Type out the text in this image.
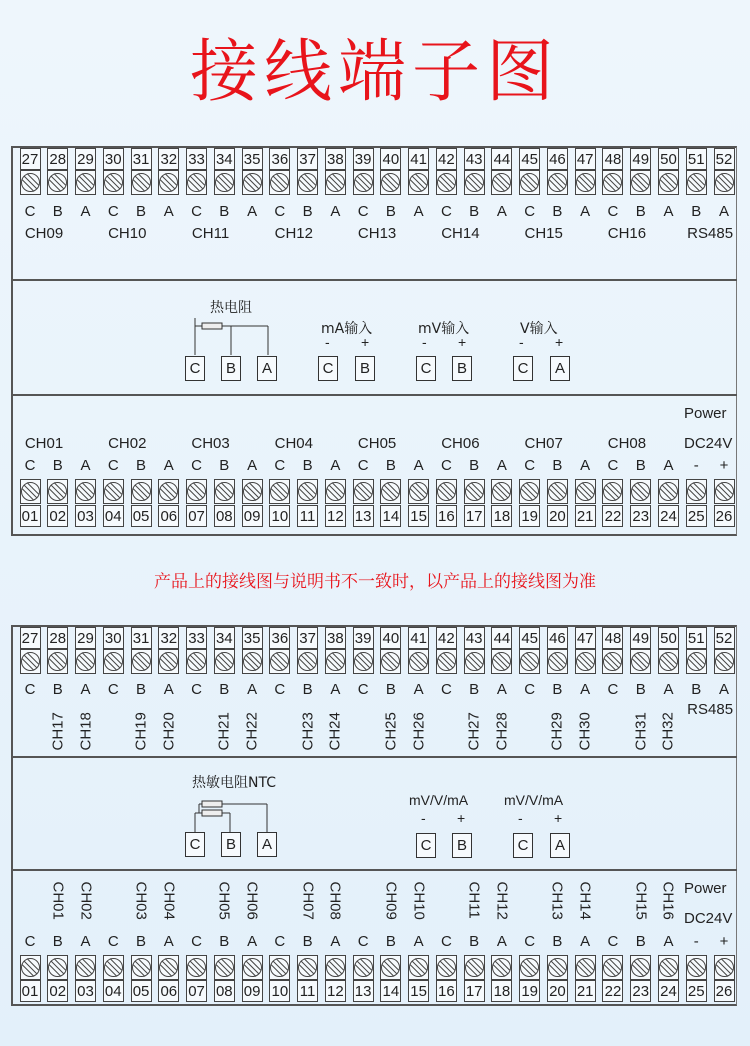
接线端子图
产品上的接线图与说明书不一致时，以产品上的接线图为准
热电阻
C	B	A
mA输入
- +
C	B
mV输入
- +
C	B
V输入
- +
C	A
Power
DC24V
热敏电阻NTC
C	B	A
mV/V/mA
- +
C	B
mV/V/mA
- +
C	A
Power
DC24V
27 28 29 30 31 32 33 34 35 36 37 38 39 40 41 42 43 44 45 46 47 48 49 50 51 52
C	B	A	C	B	A	C	B	A	C	B	A	C	B	A	C	B	A	C	B	A	C	B	A	B	A
CH09	CH10	CH11	CH12	CH13	CH14	CH15	CH16	RS485
CH01	CH02	CH03	CH04	CH05	CH06	CH07	CH08
C	B	A	C	B	A	C	B	A	C	B	A	C	B	A	C	B	A	C	B	A	C	B	A	-	+
01 02 03 04 05 06 07 08 09 10 11 12 13 14 15 16 17 18 19 20 21 22 23 24 25 26
27 28 29 30 31 32 33 34 35 36 37 38 39 40 41 42 43 44 45 46 47 48 49 50 51 52
C	B	A	C	B	A	C	B	A	C	B	A	C	B	A	C	B	A	C	B	A	C	B	A	B	A
RS485
CH17 CH18	CH19 CH20	CH21 CH22	CH23 CH24	CH25 CH26	CH27 CH28	CH29 CH30	CH31 CH32
CH01 CH02	CH03 CH04	CH05 CH06	CH07 CH08	CH09 CH10	CH11 CH12	CH13 CH14	CH15 CH16
C	B	A	C	B	A	C	B	A	C	B	A	C	B	A	C	B	A	C	B	A	C	B	A	-	+
01 02 03 04 05 06 07 08 09 10 11 12 13 14 15 16 17 18 19 20 21 22 23 24 25 26
